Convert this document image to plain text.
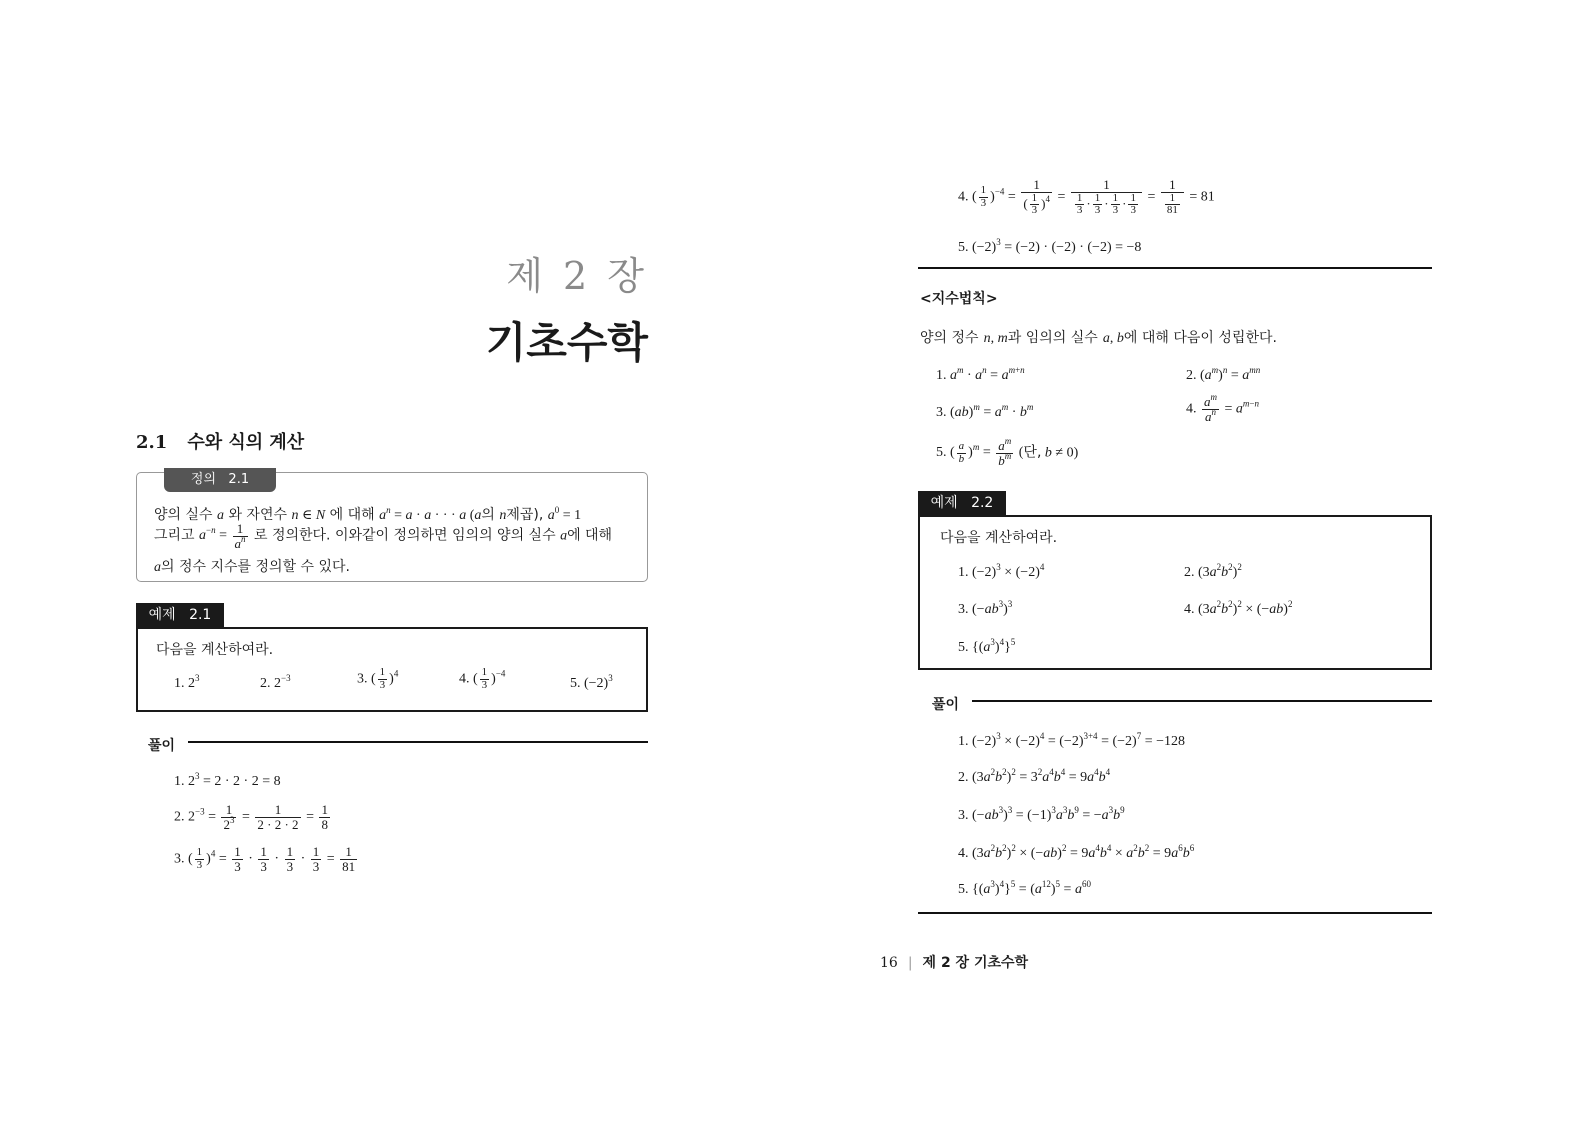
제 2 장
기초수학
2.1 수와 식의 계산
정의 2.1
양의 실수 a 와 자연수 n ∈ N 에 대해 $a^n = a \cdot a$ · · · a (a의 n제곱), $a^0 = 1$
그리고 $a^{-n} = \frac{1}{a^n}$ 로 정의한다. 이와같이 정의하면 임의의 양의 실수 a에 대해
a의 정수 지수를 정의할 수 있다.
예제 2.1
다음을 계산하여라.
1. $2^3$	2. $2^{-3}$	3. ( $\frac{1}{3} )^4$	4. ( $\frac{1}{3} )^{-4}$
5. $(-2)^3$
풀이
1. $2^3 = 2 \cdot 2 \cdot 2 = 8$
2. $2^{-3} = \frac{1}{2^3} = \frac{1}{2 \cdot 2 \cdot 2} = \frac{1}{8}$
3. ( $\frac{1}{3} )^4 = \frac{1}{3} \cdot \frac{1}{3} \cdot \frac{1}{3} \cdot \frac{1}{3} = \frac{1}{81}$
4. ( $\frac{1}{3} )^{-4} = \frac{1}{( \frac{1}{3} )^4} = \frac{1}{\frac{1}{3} \cdot \frac{1}{3} \cdot \frac{1}{3} \cdot \frac{1}{3}} = \frac{1}{\frac{1}{81}} = 81$
5. $(-2)^3 = (-2) \cdot (-2) \cdot (-2) = -8$
<지수법칙>
양의 정수 n, m과 임의의 실수 a, b에 대해 다음이 성립한다.
1. $a^m \cdot a^n = a^{m+n}$	2. $(a^m)^n = a^{mn}$
3. $(ab)^m = a^m \cdot b^m$	4. $\frac{a^m}{a^n} = a^{m-n}$
5. ( $\frac{a}{b} )^m = \frac{a^m}{b^m}$ (단, b ≠ 0)
예제 2.2
다음을 계산하여라.
1. $(-2)^3 \times (-2)^4$	2. $(3a^2b^2)^2$
3. $(-ab^3)^3$	4. $(3a^2b^2)^2 \times (-ab)^2$
5. $\{(a^3)^4\}^5$
풀이
1. $(-2)^3 \times (-2)^4 = (-2)^{3+4} = (-2)^7 = -128$
2. $(3a^2b^2)^2 = 3^2a^4b^4 = 9a^4b^4$
3. $(-ab^3)^3 = (-1)^3a^3b^9 = -a^3b^9$
4. $(3a^2b^2)^2 \times (-ab)^2 = 9a^4b^4 \times a^2b^2 = 9a^6b^6$
5. $\{(a^3)^4\}^5 = (a^{12})^5 = a^{60}$
16 | 제 2 장 기초수학
